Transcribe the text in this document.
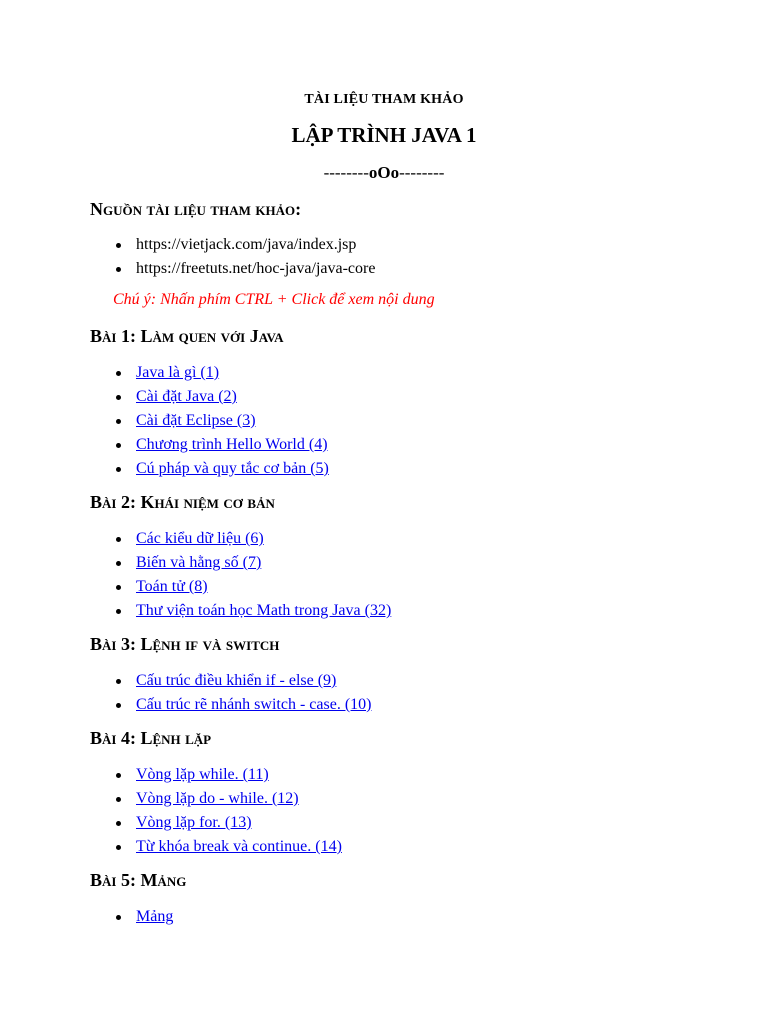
TÀI LIỆU THAM KHẢO
LẬP TRÌNH JAVA 1
--------oOo--------
Nguồn tài liệu tham khảo:
https://vietjack.com/java/index.jsp
https://freetuts.net/hoc-java/java-core
Chú ý: Nhấn phím CTRL + Click để xem nội dung
Bài 1: Làm quen với Java
Java là gì (1)
Cài đặt Java (2)
Cài đặt Eclipse (3)
Chương trình Hello World (4)
Cú pháp và quy tắc cơ bản (5)
Bài 2: Khái niệm cơ bản
Các kiểu dữ liệu (6)
Biến và hằng số (7)
Toán tử (8)
Thư viện toán học Math trong Java (32)
Bài 3: Lệnh if và switch
Cấu trúc điều khiển if - else (9)
Cấu trúc rẽ nhánh switch - case. (10)
Bài 4: Lệnh lặp
Vòng lặp while. (11)
Vòng lặp do - while. (12)
Vòng lặp for. (13)
Từ khóa break và continue. (14)
Bài 5: Mảng
Mảng
